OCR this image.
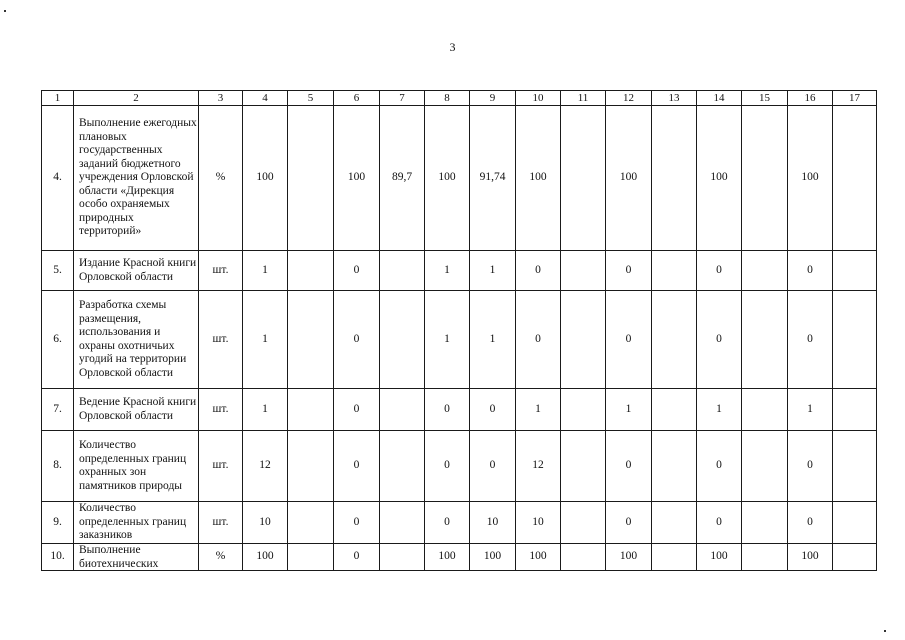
3
1	2	3	4	5	6	7	8	9	10	11	12	13	14	15	16	17

4.	Выполнение ежегодных плановых государственных заданий бюджетного учреждения Орловской области «Дирекция особо охраняемых природных территорий»	%	100		100	89,7	100	91,74	100		100		100		100	

5.	Издание Красной книги Орловской области	шт.	1		0		1	1	0		0		0		0	

6.	Разработка схемы размещения, использования и охраны охотничьих угодий на территории Орловской области	шт.	1		0		1	1	0		0		0		0	

7.	Ведение Красной книги Орловской области	шт.	1		0		0	0	1		1		1		1	

8.	Количество определенных границ охранных зон памятников природы	шт.	12		0		0	0	12		0		0		0	

9.	Количество определенных границ заказников	шт.	10		0		0	10	10		0		0		0	

10.	Выполнение биотехнических	%	100		0		100	100	100		100		100		100	
